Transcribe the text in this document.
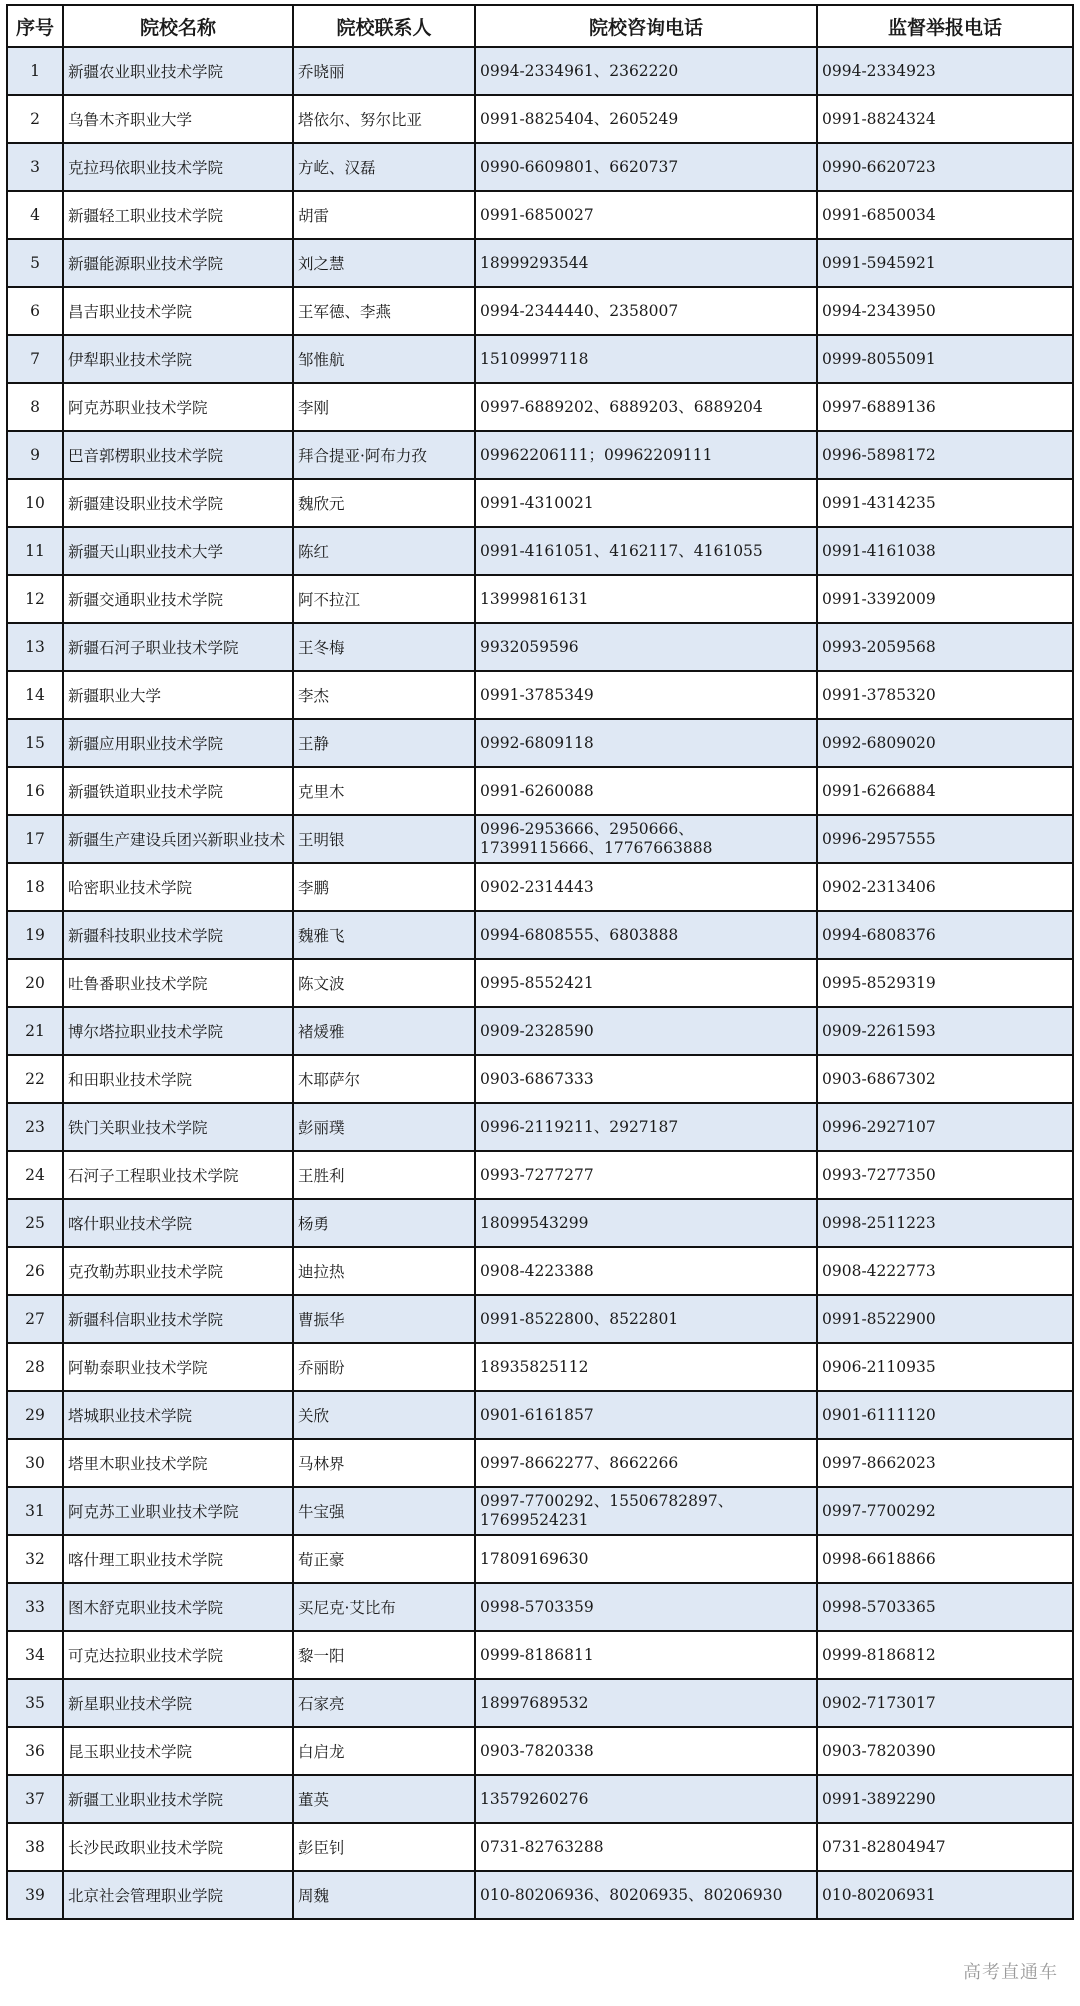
序号	院校名称	院校联系人	院校咨询电话	监督举报电话
1	新疆农业职业技术学院	乔晓丽	0994-2334961、2362220	0994-2334923
2	乌鲁木齐职业大学	塔依尔、努尔比亚	0991-8825404、2605249	0991-8824324
3	克拉玛依职业技术学院	方屹、汉磊	0990-6609801、6620737	0990-6620723
4	新疆轻工职业技术学院	胡雷	0991-6850027	0991-6850034
5	新疆能源职业技术学院	刘之慧	18999293544	0991-5945921
6	昌吉职业技术学院	王军德、李燕	0994-2344440、2358007	0994-2343950
7	伊犁职业技术学院	邹惟航	15109997118	0999-8055091
8	阿克苏职业技术学院	李刚	0997-6889202、6889203、6889204	0997-6889136
9	巴音郭楞职业技术学院	拜合提亚·阿布力孜	09962206111；09962209111	0996-5898172
10	新疆建设职业技术学院	魏欣元	0991-4310021	0991-4314235
11	新疆天山职业技术大学	陈红	0991-4161051、4162117、4161055	0991-4161038
12	新疆交通职业技术学院	阿不拉江	13999816131	0991-3392009
13	新疆石河子职业技术学院	王冬梅	9932059596	0993-2059568
14	新疆职业大学	李杰	0991-3785349	0991-3785320
15	新疆应用职业技术学院	王静	0992-6809118	0992-6809020
16	新疆铁道职业技术学院	克里木	0991-6260088	0991-6266884
17	新疆生产建设兵团兴新职业技术	王明银	0996-2953666、2950666、17399115666、17767663888	0996-2957555
18	哈密职业技术学院	李鹏	0902-2314443	0902-2313406
19	新疆科技职业技术学院	魏雅飞	0994-6808555、6803888	0994-6808376
20	吐鲁番职业技术学院	陈文波	0995-8552421	0995-8529319
21	博尔塔拉职业技术学院	褚煖雅	0909-2328590	0909-2261593
22	和田职业技术学院	木耶萨尔	0903-6867333	0903-6867302
23	铁门关职业技术学院	彭丽璞	0996-2119211、2927187	0996-2927107
24	石河子工程职业技术学院	王胜利	0993-7277277	0993-7277350
25	喀什职业技术学院	杨勇	18099543299	0998-2511223
26	克孜勒苏职业技术学院	迪拉热	0908-4223388	0908-4222773
27	新疆科信职业技术学院	曹振华	0991-8522800、8522801	0991-8522900
28	阿勒泰职业技术学院	乔丽盼	18935825112	0906-2110935
29	塔城职业技术学院	关欣	0901-6161857	0901-6111120
30	塔里木职业技术学院	马林界	0997-8662277、8662266	0997-8662023
31	阿克苏工业职业技术学院	牛宝强	0997-7700292、15506782897、17699524231	0997-7700292
32	喀什理工职业技术学院	荀正豪	17809169630	0998-6618866
33	图木舒克职业技术学院	买尼克·艾比布	0998-5703359	0998-5703365
34	可克达拉职业技术学院	黎一阳	0999-8186811	0999-8186812
35	新星职业技术学院	石家亮	18997689532	0902-7173017
36	昆玉职业技术学院	白启龙	0903-7820338	0903-7820390
37	新疆工业职业技术学院	董英	13579260276	0991-3892290
38	长沙民政职业技术学院	彭臣钊	0731-82763288	0731-82804947
39	北京社会管理职业学院	周魏	010-80206936、80206935、80206930	010-80206931
高考直通车
